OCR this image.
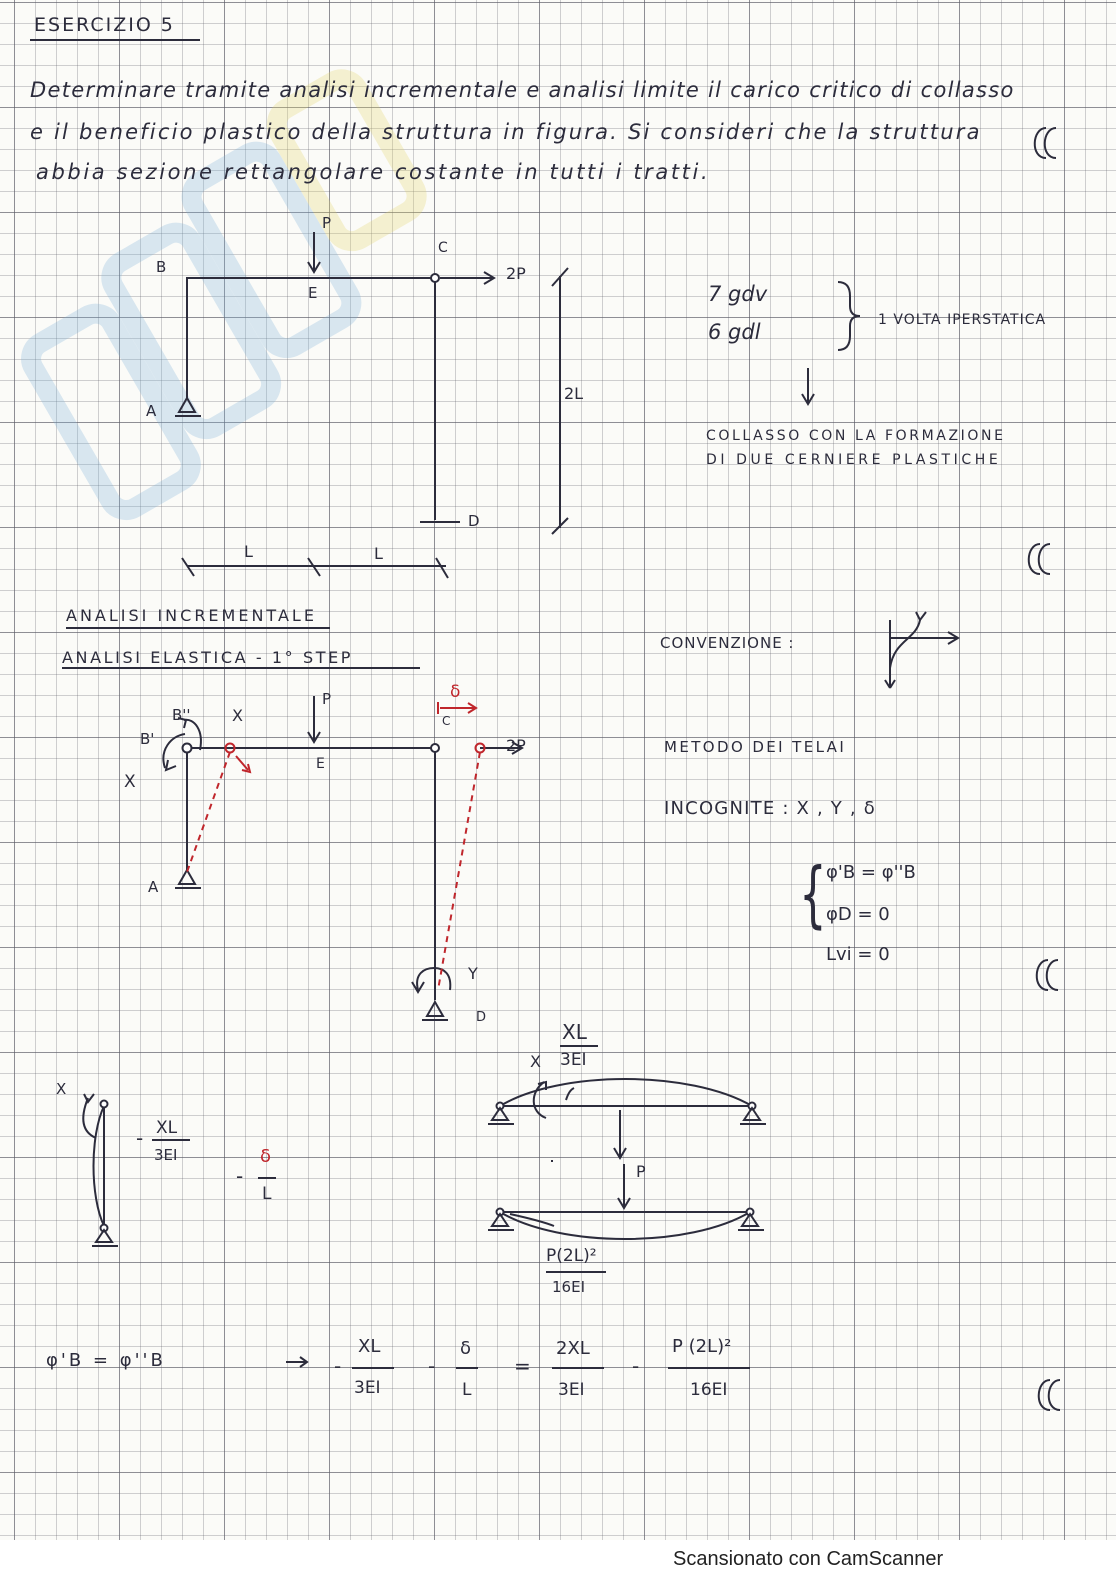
ESERCIZIO 5
Determinare tramite analisi incrementale e analisi limite il carico critico di collasso
e il beneficio plastico della struttura in figura. Si consideri che la struttura
abbia sezione rettangolare costante in tutti i tratti.
B
P
C
E
2P
A
D
2L
L	L
7 gdv
6 gdl	1 VOLTA IPERSTATICA
COLLASSO CON LA FORMAZIONE
DI DUE CERNIERE PLASTICHE
ANALISI INCREMENTALE
ANALISI ELASTICA - 1° STEP
CONVENZIONE :
METODO DEI TELAI
INCOGNITE : X , Y , δ
{ φ'B = φ''B
φD = 0
Lvi = 0
B'
B''	X
X
P
E
δ
C
2P
A
Y
D
X
XL
3EI
X
- XL
3EI
-
δ
L
P
P(2L)²
16EI
φ'B = φ''B	-
XL
3EI
-
δ
L
=
2XL
3EI
-
P (2L)²
16EI
Scansionato con CamScanner
